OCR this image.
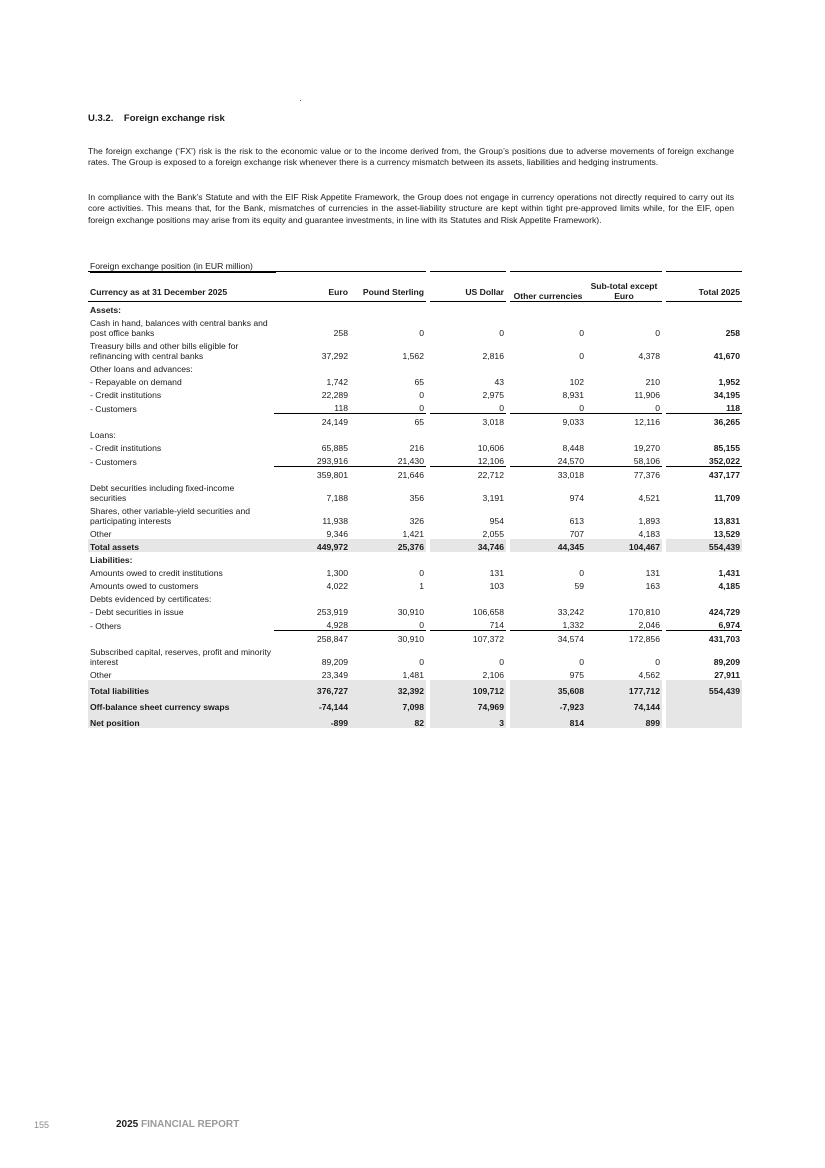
U.3.2. Foreign exchange risk

The foreign exchange (‘FX’) risk is the risk to the economic value or to the income derived from, the Group’s positions due to adverse movements of foreign exchange rates. The Group is exposed to a foreign exchange risk whenever there is a currency mismatch between its assets, liabilities and hedging instruments.

In compliance with the Bank’s Statute and with the EIF Risk Appetite Framework, the Group does not engage in currency operations not directly required to carry out its core activities. This means that, for the Bank, mismatches of currencies in the asset-liability structure are kept within tight pre-approved limits while, for the EIF, open foreign exchange positions may arise from its equity and guarantee investments, in line with its Statutes and Risk Appetite Framework).

Foreign exchange position (in EUR million)
Currency as at 31 December 2025	Euro	Pound Sterling		US Dollar		Other currencies	Sub-total except Euro		Total 2025
Assets:									
Cash in hand, balances with central banks and post office banks	258	0		0		0	0		258
Treasury bills and other bills eligible for refinancing with central banks	37,292	1,562		2,816		0	4,378		41,670
Other loans and advances:									
- Repayable on demand	1,742	65		43		102	210		1,952
- Credit institutions	22,289	0		2,975		8,931	11,906		34,195
- Customers	118	0		0		0	0		118
	24,149	65		3,018		9,033	12,116		36,265
Loans:									
- Credit institutions	65,885	216		10,606		8,448	19,270		85,155
- Customers	293,916	21,430		12,106		24,570	58,106		352,022
	359,801	21,646		22,712		33,018	77,376		437,177
Debt securities including fixed-income securities	7,188	356		3,191		974	4,521		11,709
Shares, other variable-yield securities and participating interests	11,938	326		954		613	1,893		13,831
Other	9,346	1,421		2,055		707	4,183		13,529
Total assets	449,972	25,376		34,746		44,345	104,467		554,439
Liabilities:									
Amounts owed to credit institutions	1,300	0		131		0	131		1,431
Amounts owed to customers	4,022	1		103		59	163		4,185
Debts evidenced by certificates:									
- Debt securities in issue	253,919	30,910		106,658		33,242	170,810		424,729
- Others	4,928	0		714		1,332	2,046		6,974
	258,847	30,910		107,372		34,574	172,856		431,703
Subscribed capital, reserves, profit and minority interest	89,209	0		0		0	0		89,209
Other	23,349	1,481		2,106		975	4,562		27,911
Total liabilities	376,727	32,392		109,712		35,608	177,712		554,439
Off-balance sheet currency swaps	-74,144	7,098		74,969		-7,923	74,144		
Net position	-899	82		3		814	899		
155	2025 FINANCIAL REPORT
